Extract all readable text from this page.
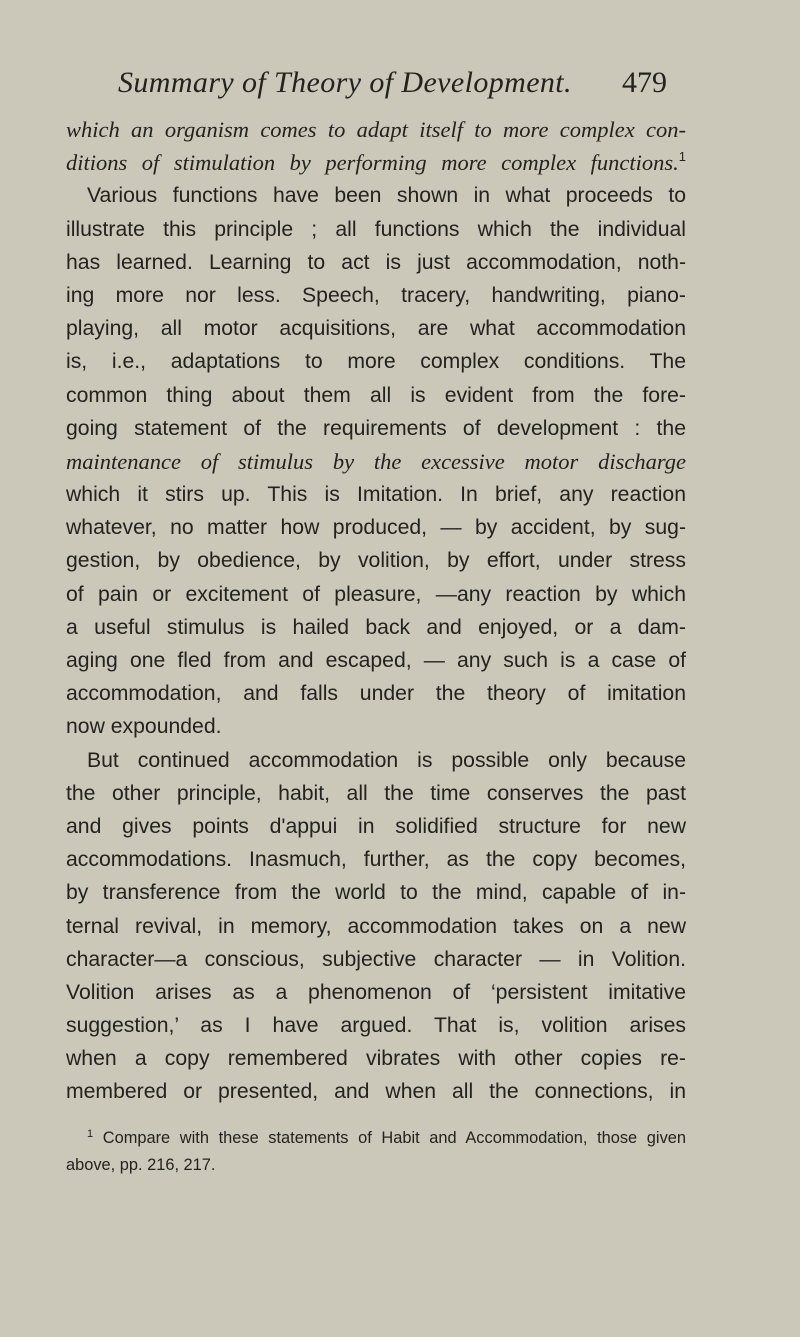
Summary of Theory of Development. 479
which an organism comes to adapt itself to more complex con-
ditions of stimulation by performing more complex functions.$^1$
Various functions have been shown in what proceeds to
illustrate this principle ; all functions which the individual
has learned. Learning to act is just accommodation, noth-
ing more nor less. Speech, tracery, handwriting, piano-
playing, all motor acquisitions, are what accommodation
is, i.e., adaptations to more complex conditions. The
common thing about them all is evident from the fore-
going statement of the requirements of development : the
maintenance of stimulus by the excessive motor discharge
which it stirs up. This is Imitation. In brief, any reaction
whatever, no matter how produced, — by accident, by sug-
gestion, by obedience, by volition, by effort, under stress
of pain or excitement of pleasure, —any reaction by which
a useful stimulus is hailed back and enjoyed, or a dam-
aging one fled from and escaped, — any such is a case of
accommodation, and falls under the theory of imitation
now expounded.
But continued accommodation is possible only because
the other principle, habit, all the time conserves the past
and gives points d'appui in solidified structure for new
accommodations. Inasmuch, further, as the copy becomes,
by transference from the world to the mind, capable of in-
ternal revival, in memory, accommodation takes on a new
character—a conscious, subjective character — in Volition.
Volition arises as a phenomenon of ‘persistent imitative
suggestion,’ as I have argued. That is, volition arises
when a copy remembered vibrates with other copies re-
membered or presented, and when all the connections, in
$^1$ Compare with these statements of Habit and Accommodation, those given
above, pp. 216, 217.
